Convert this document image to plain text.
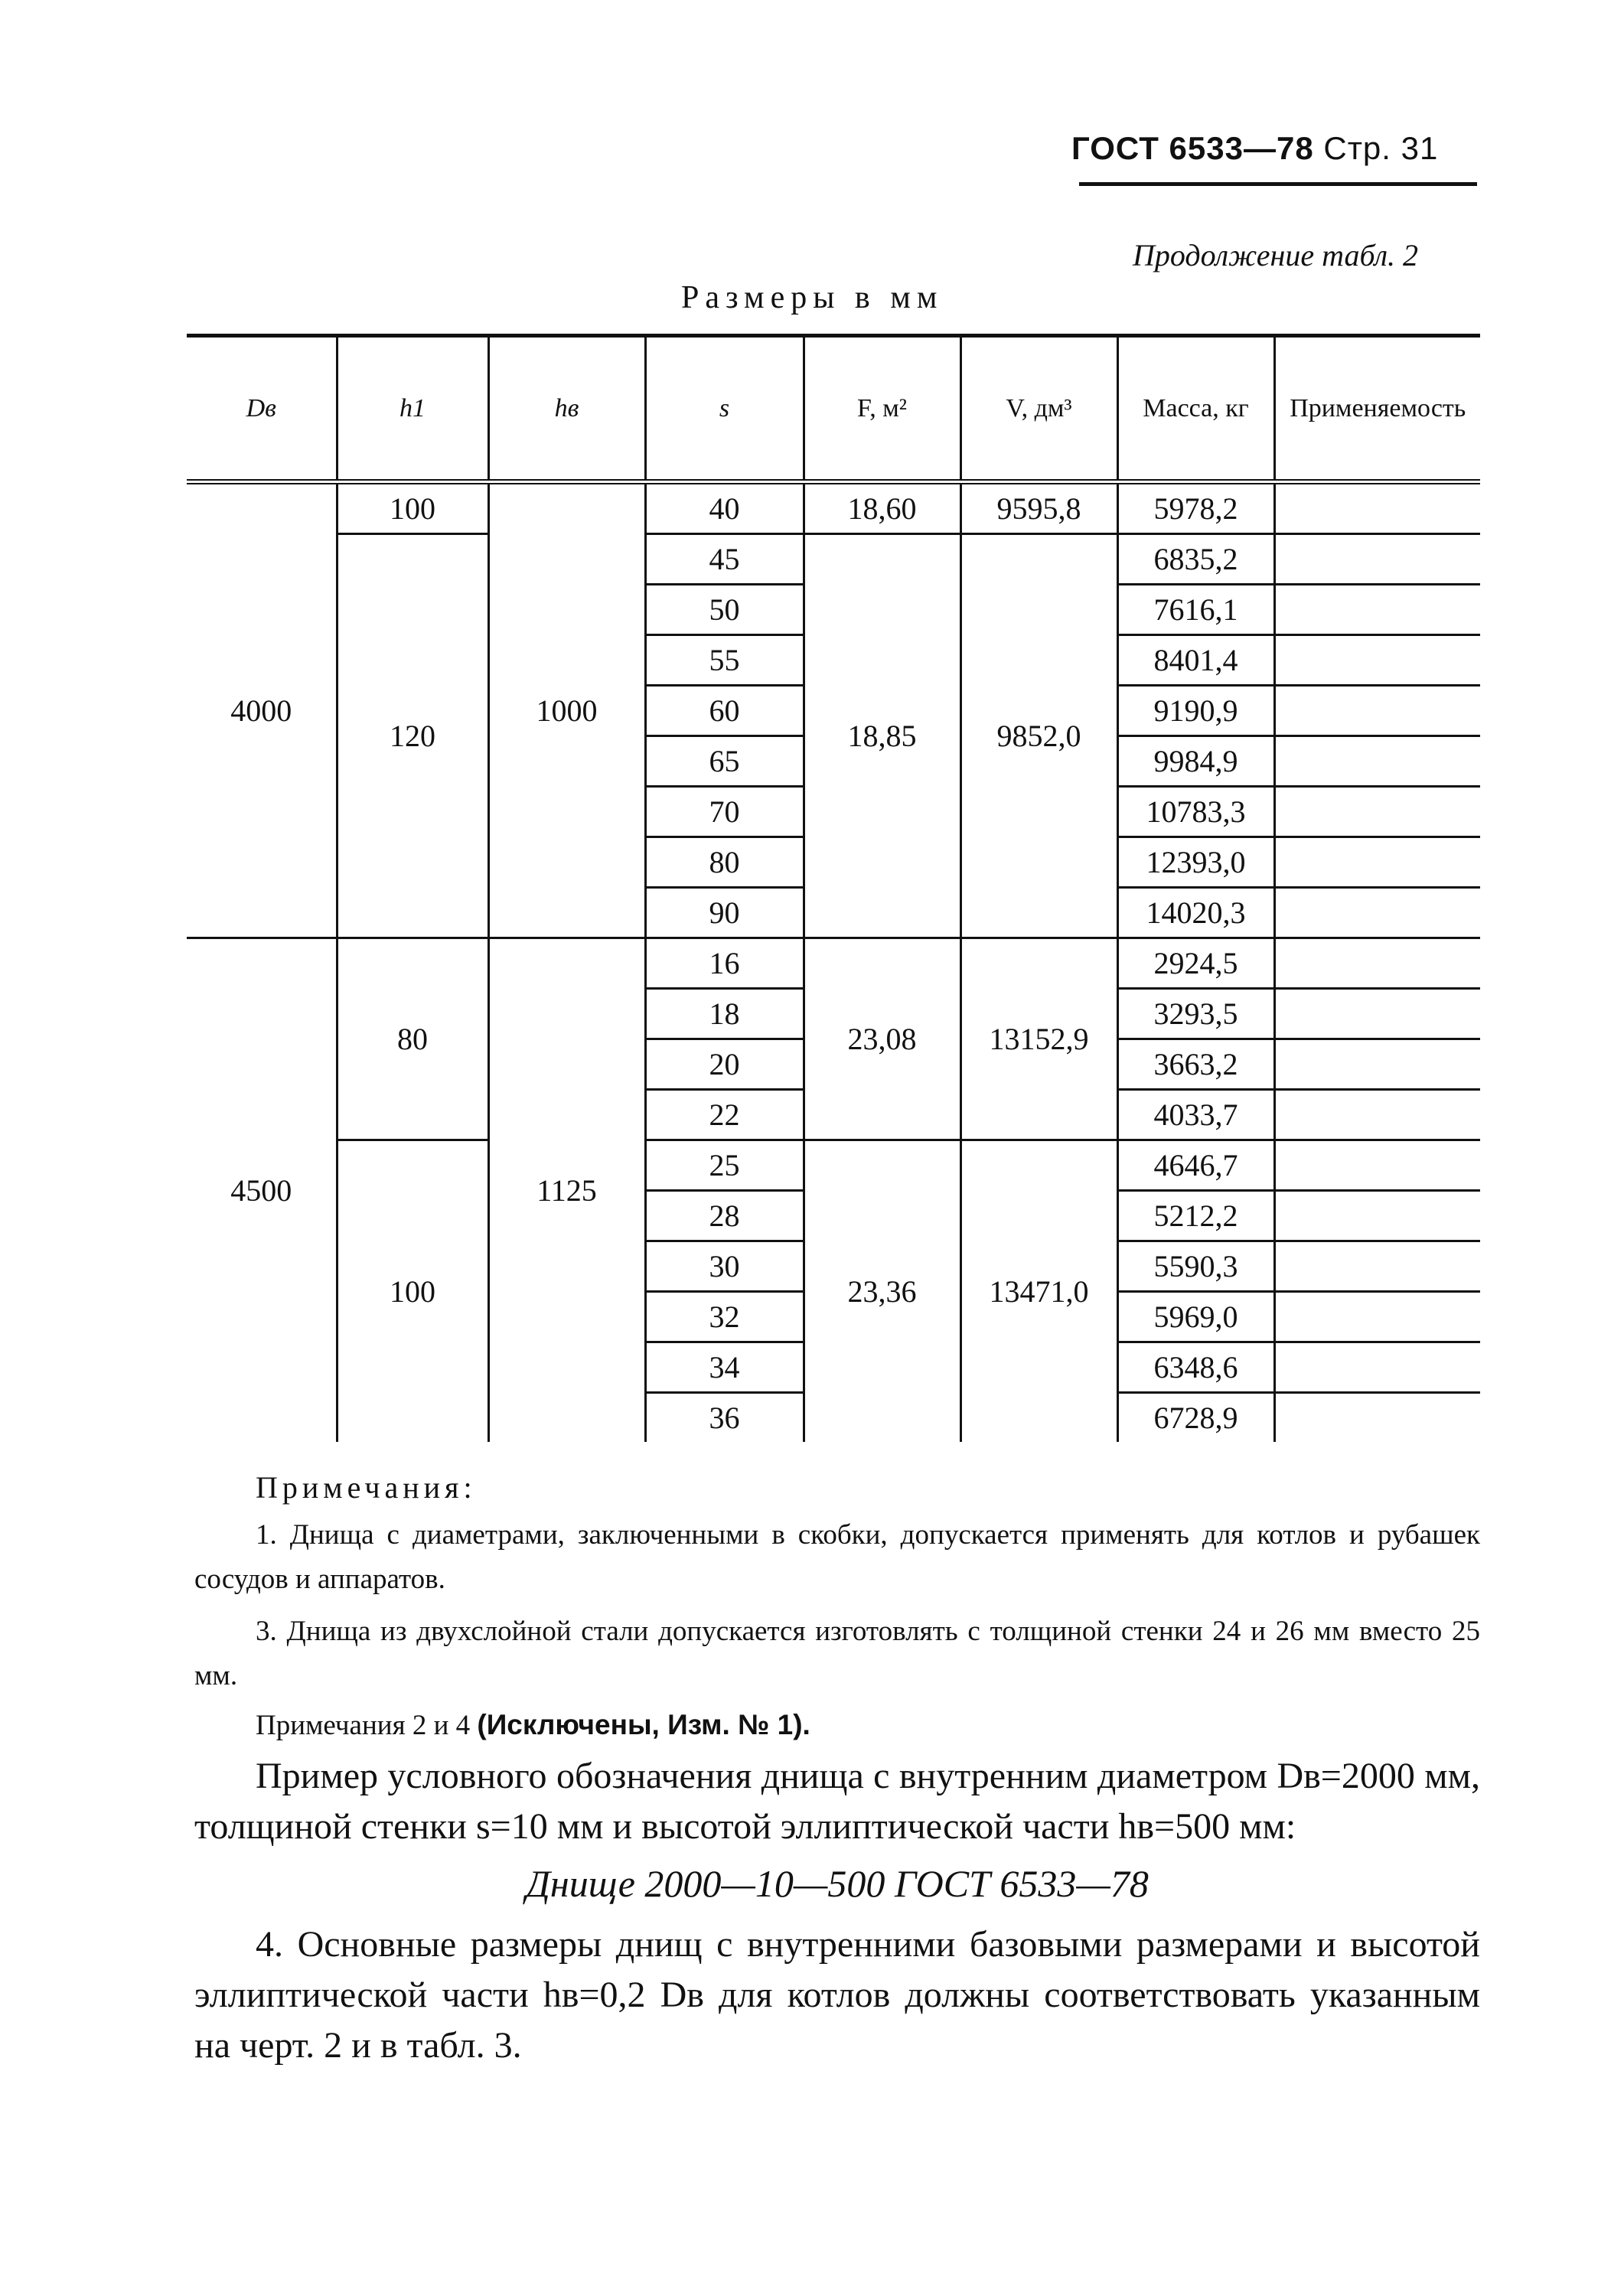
ГОСТ 6533—78 Стр. 31
Продолжение табл. 2
Размеры в мм
Dв	h1	hв	s	F, м²	V, дм³	Масса, кг	Применяемость
4000	100	1000	40	18,60	9595,8	5978,2	
	120		45	18,85	9852,0	6835,2	
			50			7616,1	
			55			8401,4	
			60			9190,9	
			65			9984,9	
			70			10783,3	
			80			12393,0	
			90			14020,3	
4500	80	1125	16	23,08	13152,9	2924,5	
			18			3293,5	
			20			3663,2	
			22			4033,7	
	100		25	23,36	13471,0	4646,7	
			28			5212,2	
			30			5590,3	
			32			5969,0	
			34			6348,6	
			36			6728,9	
Примечания:
1. Днища с диаметрами, заключенными в скобки, допускается применять для котлов и рубашек сосудов и аппаратов.
3. Днища из двухслойной стали допускается изготовлять с толщиной стенки 24 и 26 мм вместо 25 мм.
Примечания 2 и 4 (Исключены, Изм. № 1).
Пример условного обозначения днища с внутренним диаметром Dв=2000 мм, толщиной стенки s=10 мм и высотой эллиптической части hв=500 мм:
Днище 2000—10—500 ГОСТ 6533—78
4. Основные размеры днищ с внутренними базовыми размерами и высотой эллиптической части hв=0,2 Dв для котлов должны соответствовать указанным на черт. 2 и в табл. 3.
